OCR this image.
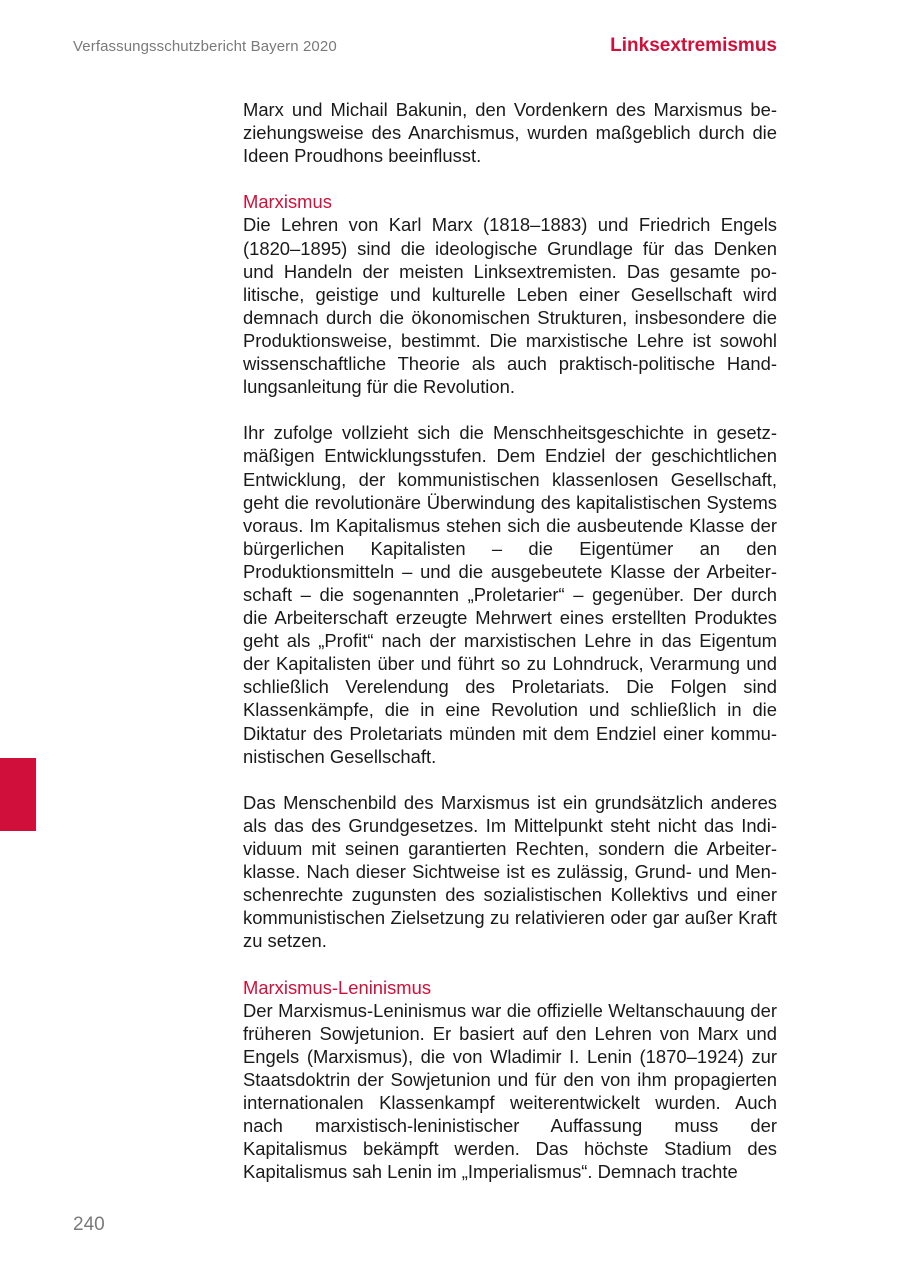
Verfassungsschutzbericht Bayern 2020	Linksextremismus

Marx und Michail Bakunin, den Vordenkern des Marxismus beziehungsweise des Anarchismus, wurden maßgeblich durch die Ideen Proudhons beeinflusst.

Marxismus

Die Lehren von Karl Marx (1818–1883) und Friedrich Engels (1820–1895) sind die ideologische Grundlage für das Denken und Handeln der meisten Linksextremisten. Das gesamte politische, geistige und kulturelle Leben einer Gesellschaft wird demnach durch die ökonomischen Strukturen, insbesondere die Produktionsweise, bestimmt. Die marxistische Lehre ist sowohl wissenschaftliche Theorie als auch praktisch-politische Handlungsanleitung für die Revolution.

Ihr zufolge vollzieht sich die Menschheitsgeschichte in gesetzmäßigen Entwicklungsstufen. Dem Endziel der geschichtlichen Entwicklung, der kommunistischen klassenlosen Gesellschaft, geht die revolutionäre Überwindung des kapitalistischen Systems voraus. Im Kapitalismus stehen sich die ausbeutende Klasse der bürgerlichen Kapitalisten – die Eigentümer an den Produktionsmitteln – und die ausgebeutete Klasse der Arbeiterschaft – die sogenannten „Proletarier“ – gegenüber. Der durch die Arbeiterschaft erzeugte Mehrwert eines erstellten Produktes geht als „Profit“ nach der marxistischen Lehre in das Eigentum der Kapitalisten über und führt so zu Lohndruck, Verarmung und schließlich Verelendung des Proletariats. Die Folgen sind Klassenkämpfe, die in eine Revolution und schließlich in die Diktatur des Proletariats münden mit dem Endziel einer kommunistischen Gesellschaft.

Das Menschenbild des Marxismus ist ein grundsätzlich anderes als das des Grundgesetzes. Im Mittelpunkt steht nicht das Individuum mit seinen garantierten Rechten, sondern die Arbeiterklasse. Nach dieser Sichtweise ist es zulässig, Grund- und Menschenrechte zugunsten des sozialistischen Kollektivs und einer kommunistischen Zielsetzung zu relativieren oder gar außer Kraft zu setzen.

Marxismus-Leninismus

Der Marxismus-Leninismus war die offizielle Weltanschauung der früheren Sowjetunion. Er basiert auf den Lehren von Marx und Engels (Marxismus), die von Wladimir I. Lenin (1870–1924) zur Staatsdoktrin der Sowjetunion und für den von ihm propagierten internationalen Klassenkampf weiterentwickelt wurden. Auch nach marxistisch-leninistischer Auffassung muss der Kapitalismus bekämpft werden. Das höchste Stadium des Kapitalismus sah Lenin im „Imperialismus“. Demnach trachte

240
